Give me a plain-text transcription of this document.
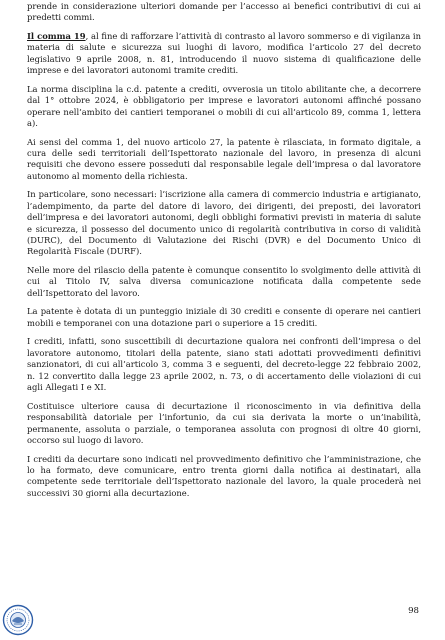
prende in considerazione ulteriori domande per l’accesso ai benefici contributivi di cui ai predetti commi.

Il comma 19, al fine di rafforzare l’attività di contrasto al lavoro sommerso e di vigilanza in materia di salute e sicurezza sui luoghi di lavoro, modifica l’articolo 27 del decreto legislativo 9 aprile 2008, n. 81, introducendo il nuovo sistema di qualificazione delle imprese e dei lavoratori autonomi tramite crediti.

La norma disciplina la c.d. patente a crediti, ovverosia un titolo abilitante che, a decorrere dal 1° ottobre 2024, è obbligatorio per imprese e lavoratori autonomi affinché possano operare nell’ambito dei cantieri temporanei o mobili di cui all’articolo 89, comma 1, lettera a).

Ai sensi del comma 1, del nuovo articolo 27, la patente è rilasciata, in formato digitale, a cura delle sedi territoriali dell’Ispettorato nazionale del lavoro, in presenza di alcuni requisiti che devono essere posseduti dal responsabile legale dell’impresa o dal lavoratore autonomo al momento della richiesta.

In particolare, sono necessari: l’iscrizione alla camera di commercio industria e artigianato, l’adempimento, da parte del datore di lavoro, dei dirigenti, dei preposti, dei lavoratori dell’impresa e dei lavoratori autonomi, degli obblighi formativi previsti in materia di salute e sicurezza, il possesso del documento unico di regolarità contributiva in corso di validità (DURC), del Documento di Valutazione dei Rischi (DVR) e del Documento Unico di Regolarità Fiscale (DURF).

Nelle more del rilascio della patente è comunque consentito lo svolgimento delle attività di cui al Titolo IV, salva diversa comunicazione notificata dalla competente sede dell’Ispettorato del lavoro.

La patente è dotata di un punteggio iniziale di 30 crediti e consente di operare nei cantieri mobili e temporanei con una dotazione pari o superiore a 15 crediti.

I crediti, infatti, sono suscettibili di decurtazione qualora nei confronti dell’impresa o del lavoratore autonomo, titolari della patente, siano stati adottati provvedimenti definitivi sanzionatori, di cui all’articolo 3, comma 3 e seguenti, del decreto-legge 22 febbraio 2002, n. 12 convertito dalla legge 23 aprile 2002, n. 73, o di accertamento delle violazioni di cui agli Allegati I e XI.

Costituisce ulteriore causa di decurtazione il riconoscimento in via definitiva della responsabilità datoriale per l’infortunio, da cui sia derivata la morte o un’inabilità, permanente, assoluta o parziale, o temporanea assoluta con prognosi di oltre 40 giorni, occorso sul luogo di lavoro.

I crediti da decurtare sono indicati nel provvedimento definitivo che l’amministrazione, che lo ha formato, deve comunicare, entro trenta giorni dalla notifica ai destinatari, alla competente sede territoriale dell’Ispettorato nazionale del lavoro, la quale procederà nei successivi 30 giorni alla decurtazione.

98
